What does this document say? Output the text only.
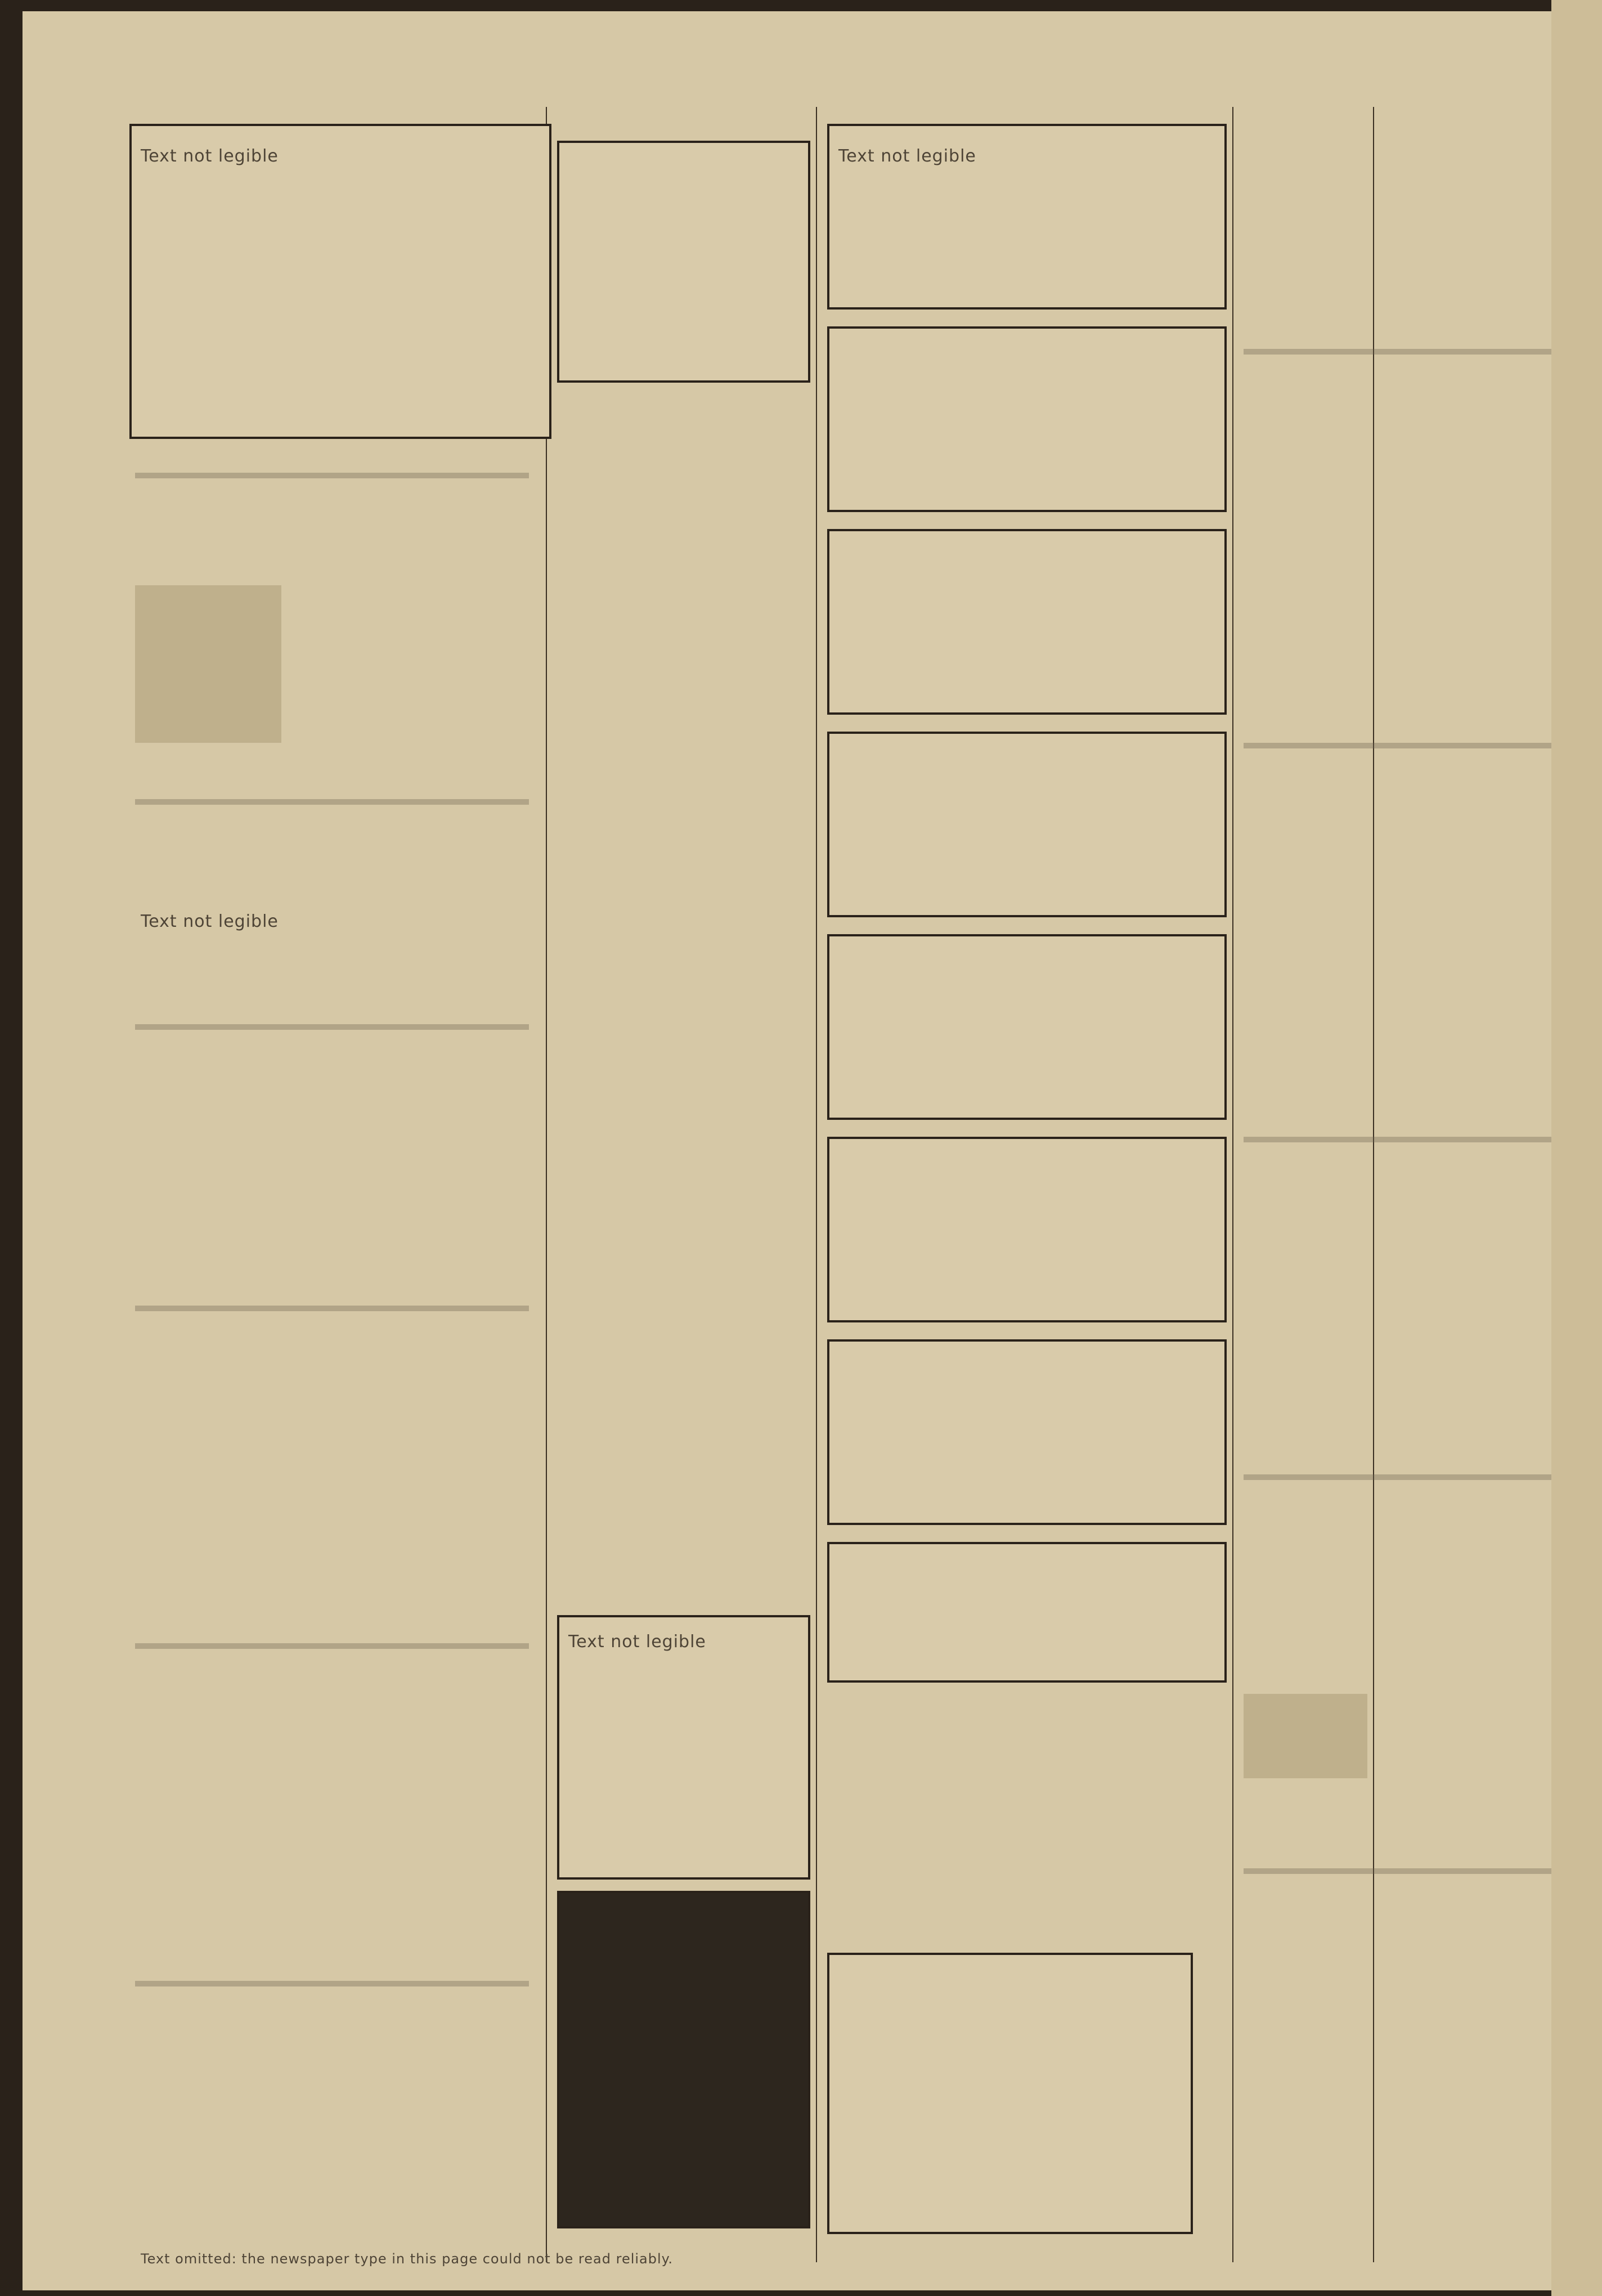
Text not legible	Text not legible
Text not legible
Text not legible
Text omitted: the newspaper type in this page could not be read reliably.
